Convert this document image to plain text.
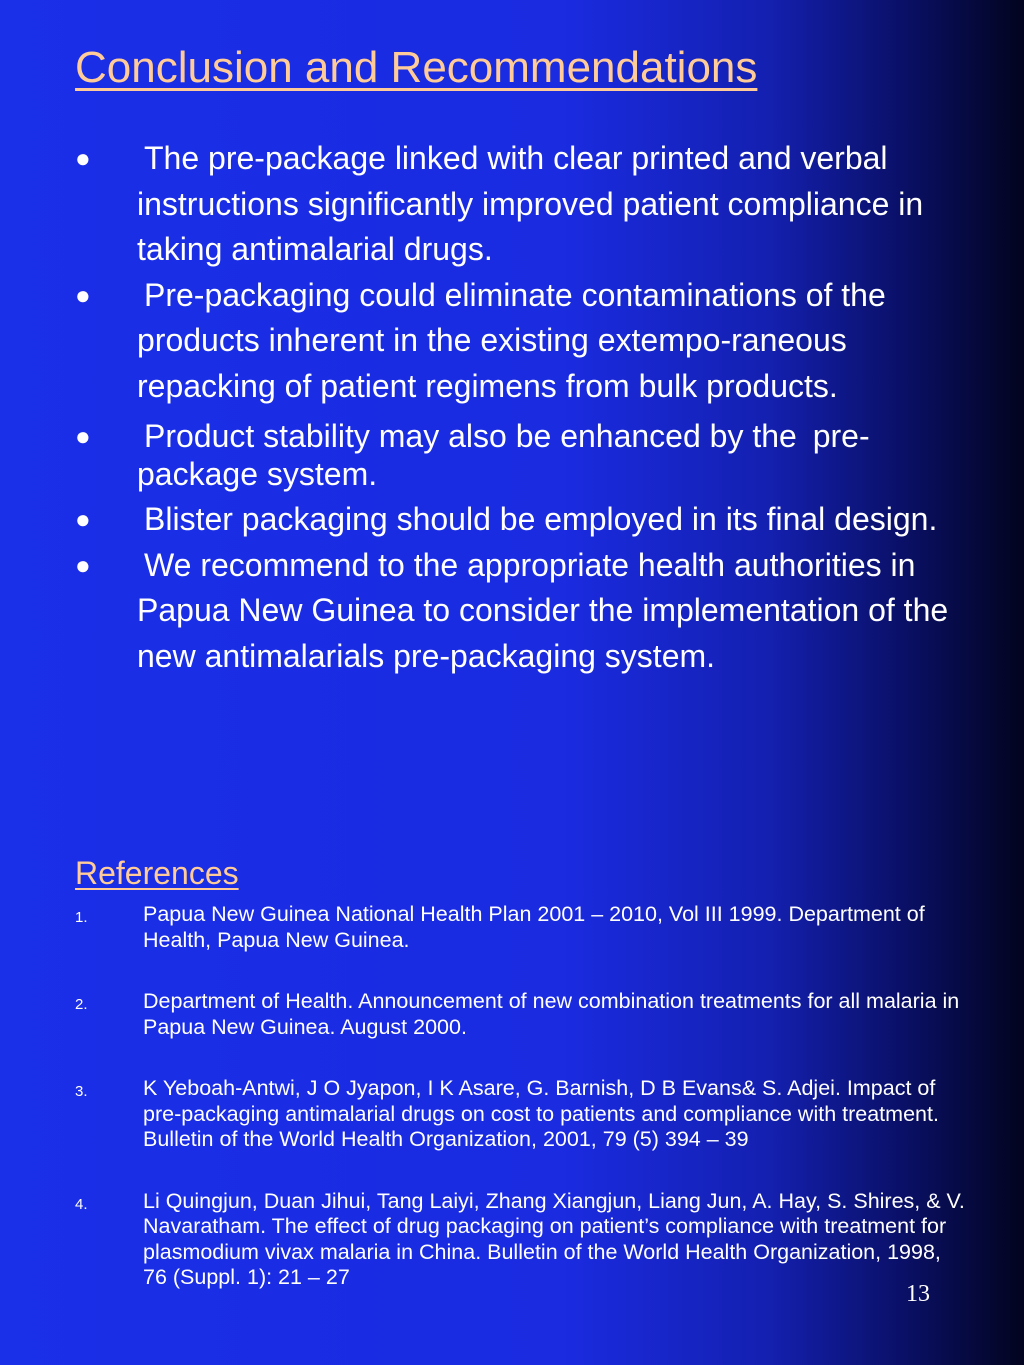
Conclusion and Recommendations
● The pre-package linked with clear printed and verbal instructions significantly improved patient compliance in taking antimalarial drugs.
● Pre-packaging could eliminate contaminations of the products inherent in the existing extempo-raneous repacking of patient regimens from bulk products.
● Product stability may also be enhanced by the pre- package system.
● Blister packaging should be employed in its final design.
● We recommend to the appropriate health authorities in Papua New Guinea to consider the implementation of the new antimalarials pre-packaging system.
References
1.	Papua New Guinea National Health Plan 2001 – 2010, Vol III 1999. Department of Health, Papua New Guinea.
2.	Department of Health. Announcement of new combination treatments for all malaria in Papua New Guinea. August 2000.
3.	K Yeboah-Antwi, J O Jyapon, I K Asare, G. Barnish, D B Evans& S. Adjei. Impact of pre-packaging antimalarial drugs on cost to patients and compliance with treatment. Bulletin of the World Health Organization, 2001, 79 (5) 394 – 39
4.	Li Quingjun, Duan Jihui, Tang Laiyi, Zhang Xiangjun, Liang Jun, A. Hay, S. Shires, & V. Navaratham. The effect of drug packaging on patient’s compliance with treatment for plasmodium vivax malaria in China. Bulletin of the World Health Organization, 1998, 76 (Suppl. 1): 21 – 27
13
